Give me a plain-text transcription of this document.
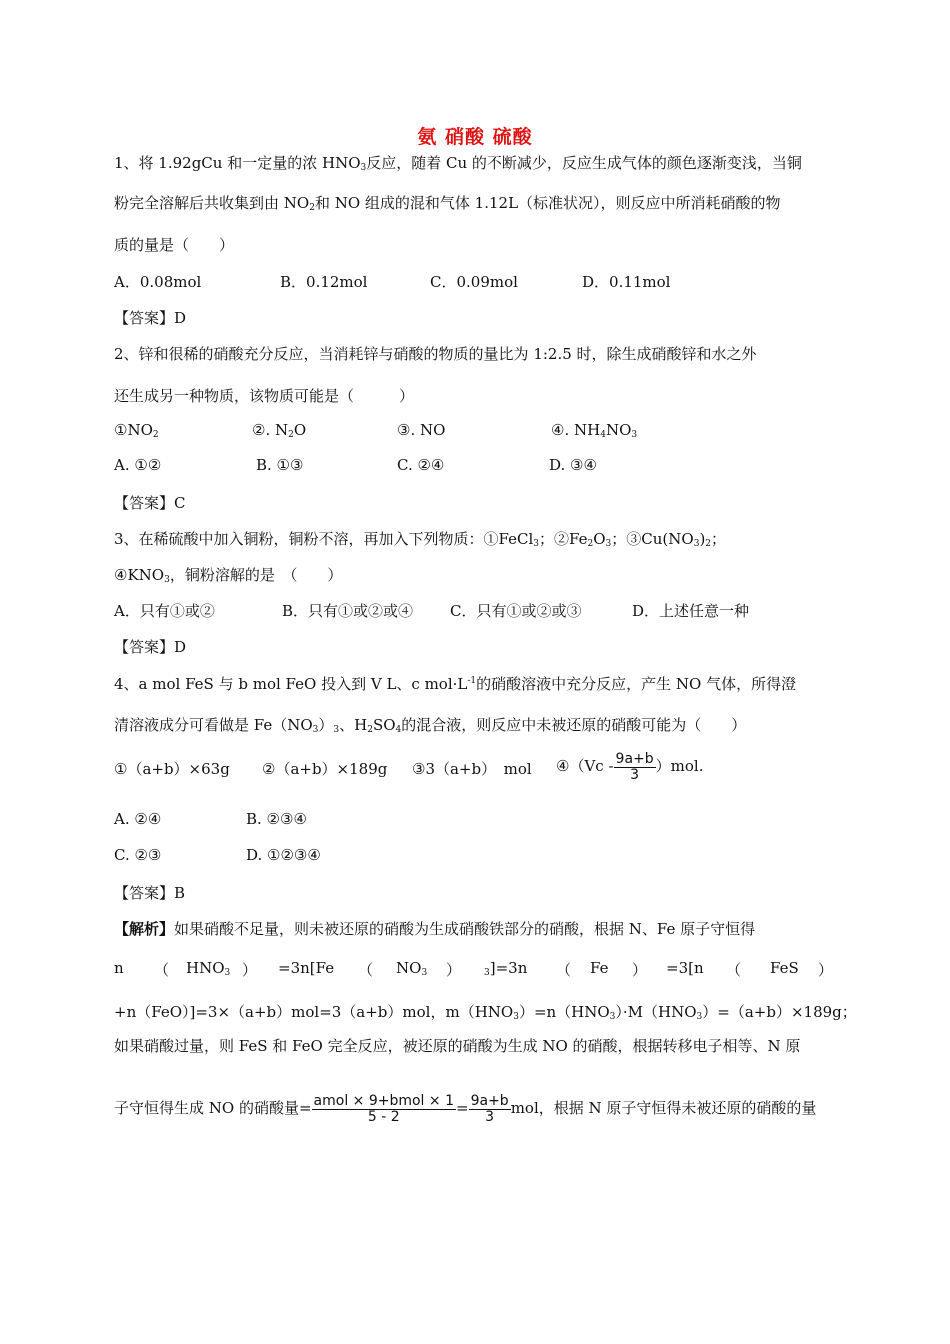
氨 硝酸 硫酸
1、将 1.92gCu 和一定量的浓 $HNO_3$反应，随着 Cu 的不断减少，反应生成气体的颜色逐渐变浅，当铜
粉完全溶解后共收集到由 $NO_2$和 NO 组成的混和气体 1.12L（标准状况），则反应中所消耗硝酸的物
质的量是（　　）
A．0.08mol	B．0.12mol	C．0.09mol	D．0.11mol
【答案】D
2、锌和很稀的硝酸充分反应，当消耗锌与硝酸的物质的量比为 1:2.5 时，除生成硝酸锌和水之外
还生成另一种物质，该物质可能是（　　　）
$①NO_2$	②. $N_2O$	③. NO	④. $NH_4NO_3$
A. ①②	B. ①③	C. ②④	D. ③④
【答案】C
3、在稀硫酸中加入铜粉，铜粉不溶，再加入下列物质：①FeCl$_3$；$②Fe_2O_3$；$③Cu(NO_3)_2$；
$④KNO_3$，铜粉溶解的是　（　　）
A．只有①或②	B．只有①或②或④ C．只有①或②或③	D．上述任意一种
【答案】D
4、a mol FeS 与 b mol FeO 投入到 V L、c $mol\cdot L^{-1}$的硝酸溶液中充分反应，产生 NO 气体，所得澄
清溶液成分可看做是 $Fe(NO_3)_3$、$H_2SO_4$的混合液，则反应中未被还原的硝酸可能为（　　）
①（a+b）×63g ②（a+b）×189g ③3（a+b）　mol ④（Vc - $\frac{9a+b}{3} )mol$.
A. ②④	B. ②③④
C. ②③	D. ①②③④
【答案】B
【解析】如果硝酸不足量，则未被还原的硝酸为生成硝酸铁部分的硝酸，根据 N、Fe 原子守恒得
n （ $HNO_3$ ） =3n[Fe （ $NO_3$ ）	$_3$]=3n （ Fe ） =3[n （ FeS ）
+n（FeO）]=3×（a+b）mol=3（a+b）mol，$m(HNO_3)=n(HNO_3)\cdot M(HNO_3)=(a+b)\times 189g$；
如果硝酸过量，则 FeS 和 FeO 完全反应，被还原的硝酸为生成 NO 的硝酸，根据转移电子相等、N 原
子守恒得生成 NO 的硝酸量= $\frac{\text{amol × 9+bmol × 1}}{5 - 2} = \frac{9a+b}{3}$ mol，根据 N 原子守恒得未被还原的硝酸的量
